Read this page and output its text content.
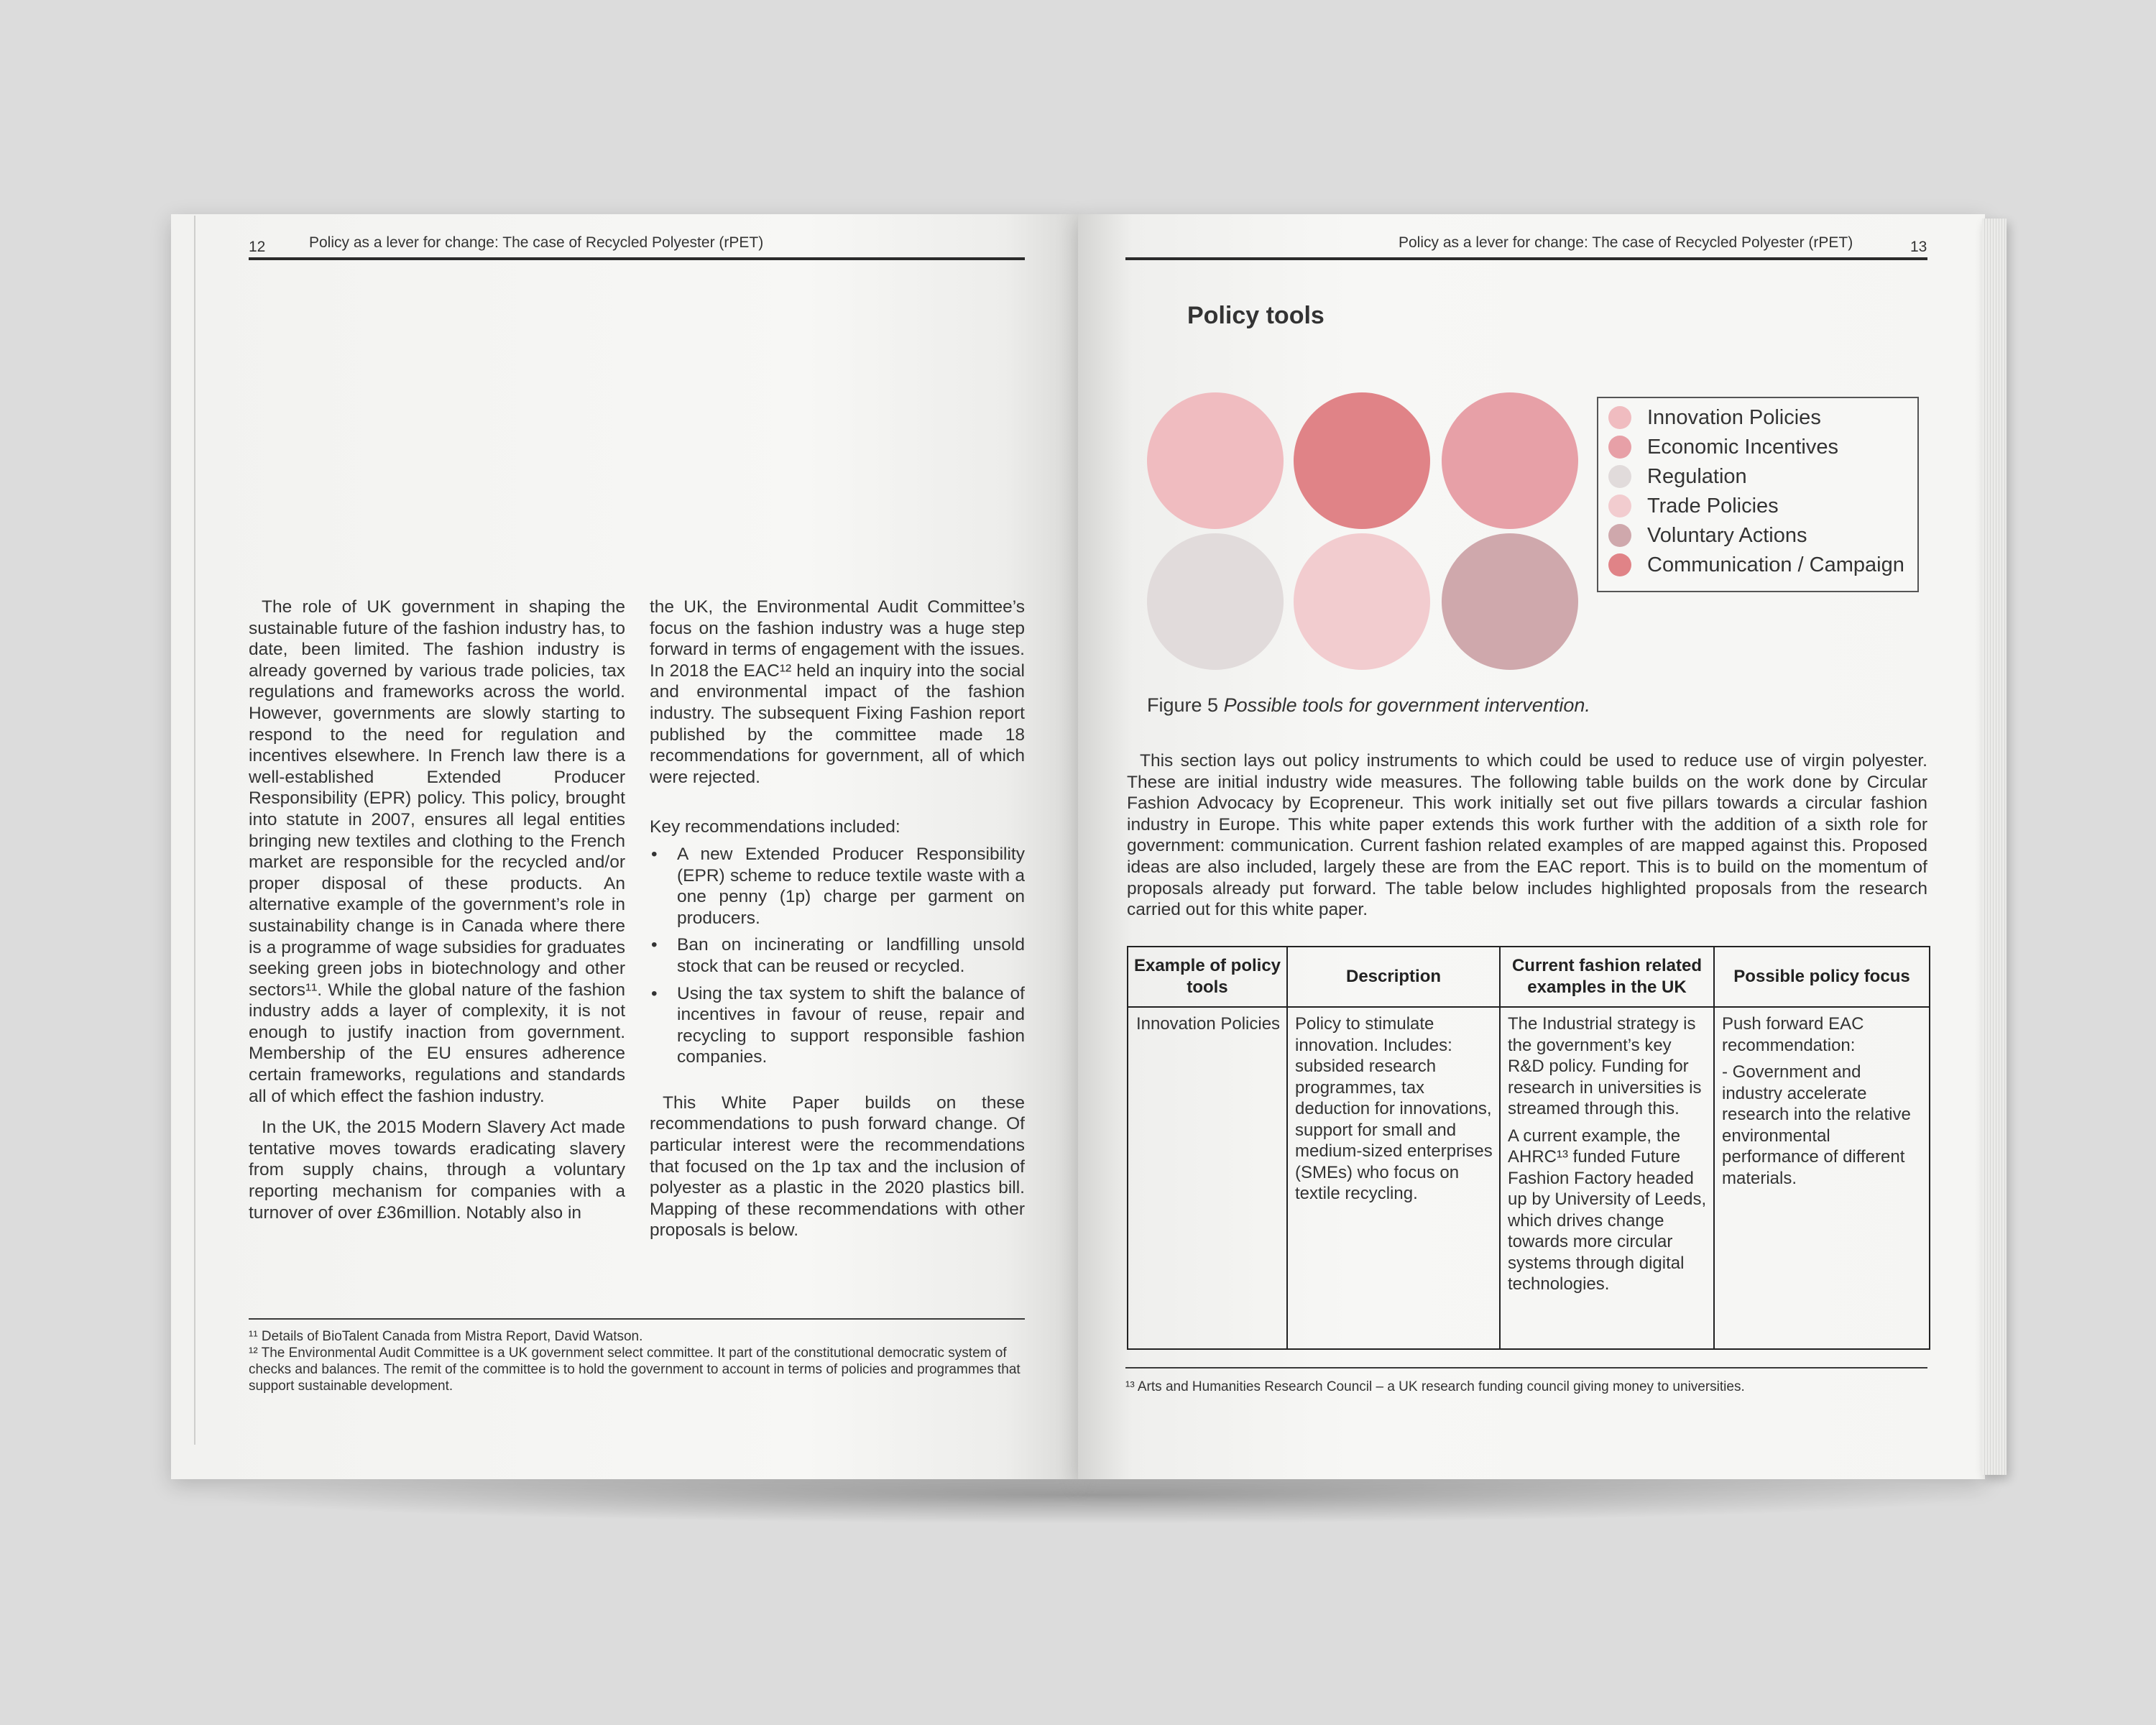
12	Policy as a lever for change: The case of Recycled Polyester (rPET)

The role of UK government in shaping the sustainable future of the fashion industry has, to date, been limited. The fashion industry is already governed by various trade policies, tax regulations and frameworks across the world. However, governments are slowly starting to respond to the need for regulation and incentives elsewhere. In French law there is a well-established Extended Producer Responsibility (EPR) policy. This policy, brought into statute in 2007, ensures all legal entities bringing new textiles and clothing to the French market are responsible for the recycled and/or proper disposal of these products. An alternative example of the government’s role in sustainability change is in Canada where there is a programme of wage subsidies for graduates seeking green jobs in biotechnology and other sectors¹¹. While the global nature of the fashion industry adds a layer of complexity, it is not enough to justify inaction from government. Membership of the EU ensures adherence certain frameworks, regulations and standards all of which effect the fashion industry.

In the UK, the 2015 Modern Slavery Act made tentative moves towards eradicating slavery from supply chains, through a voluntary reporting mechanism for companies with a turnover of over £36million. Notably also in

the UK, the Environmental Audit Committee’s focus on the fashion industry was a huge step forward in terms of engagement with the issues. In 2018 the EAC¹² held an inquiry into the social and environmental impact of the fashion industry. The subsequent Fixing Fashion report published by the committee made 18 recommendations for government, all of which were rejected.

Key recommendations included:

• A new Extended Producer Responsibility (EPR) scheme to reduce textile waste with a one penny (1p) charge per garment on producers.
• Ban on incinerating or landfilling unsold stock that can be reused or recycled.
• Using the tax system to shift the balance of incentives in favour of reuse, repair and recycling to support responsible fashion companies.

This White Paper builds on these recommendations to push forward change. Of particular interest were the recommendations that focused on the 1p tax and the inclusion of polyester as a plastic in the 2020 plastics bill. Mapping of these recommendations with other proposals is below.

¹¹ Details of BioTalent Canada from Mistra Report, David Watson.
¹² The Environmental Audit Committee is a UK government select committee. It part of the constitutional democratic system of checks and balances. The remit of the committee is to hold the government to account in terms of policies and programmes that support sustainable development.
Policy as a lever for change: The case of Recycled Polyester (rPET)	13
Policy tools
Innovation Policies
Economic Incentives
Regulation
Trade Policies
Voluntary Actions
Communication / Campaign
Figure 5 Possible tools for government intervention.

This section lays out policy instruments to which could be used to reduce use of virgin polyester. These are initial industry wide measures. The following table builds on the work done by Circular Fashion Advocacy by Ecopreneur. This work initially set out five pillars towards a circular fashion industry in Europe. This white paper extends this work further with the addition of a sixth role for government: communication. Current fashion related examples of are mapped against this. Proposed ideas are also included, largely these are from the EAC report. This is to build on the momentum of proposals already put forward. The table below includes highlighted proposals from the research carried out for this white paper.

Example of policy tools
Innovation Policies
Description
Policy to stimulate innovation. Includes: subsided research programmes, tax deduction for innovations, support for small and medium-sized enterprises (SMEs) who focus on textile recycling.
Current fashion related examples in the UK

The Industrial strategy is the government’s key R&D policy. Funding for research in universities is streamed through this.

A current example, the AHRC¹³ funded Future Fashion Factory headed up by University of Leeds, which drives change towards more circular systems through digital technologies.

Possible policy focus

Push forward EAC recommendation:

- Government and industry accelerate research into the relative environmental performance of different materials.

¹³ Arts and Humanities Research Council – a UK research funding council giving money to universities.
